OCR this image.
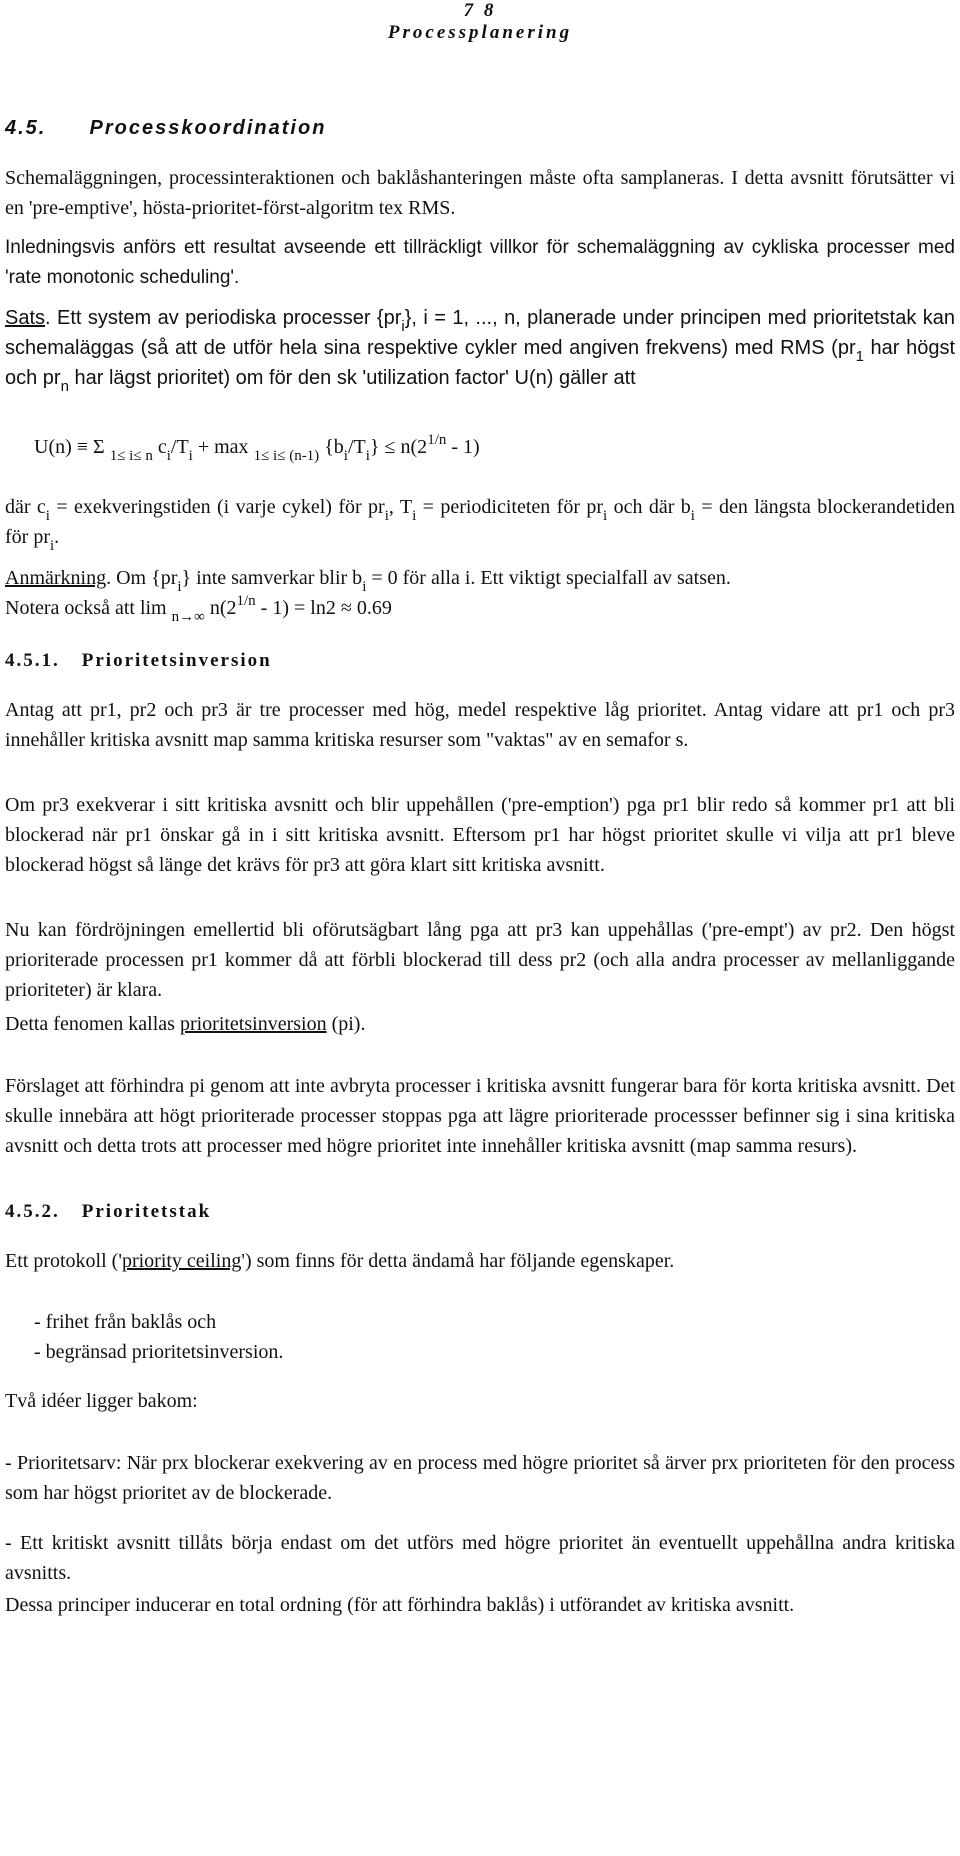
7 8
Processplanering
4.5. Processkoordination
Schemaläggningen, processinteraktionen och baklåshanteringen måste ofta samplaneras. I detta avsnitt förutsätter vi en 'pre-emptive', hösta-prioritet-först-algoritm tex RMS.
Inledningsvis anförs ett resultat avseende ett tillräckligt villkor för schemaläggning av cykliska processer med 'rate monotonic scheduling'.
Sats. Ett system av periodiska processer $\{pr_i\}$, i = 1, ..., n, planerade under principen med prioritetstak kan schemaläggas (så att de utför hela sina respektive cykler med angiven frekvens) med RMS ($pr_1$ har högst och $pr_n$ har lägst prioritet) om för den sk 'utilization factor' U(n) gäller att
U(n) ≡ Σ $_{1\le i\le n}$ $c_i/T_i + \max _{1\le i\le (n-1)}$ $\{b_i/T_i\} \le n(2^{1/n} - 1)$
där $c_i$ = exekveringstiden (i varje cykel) för $pr_i$, $T_i$ = periodiciteten för $pr_i$ och där $b_i$ = den längsta blockerandetiden för $pr_i$.
Anmärkning. Om $\{pr_i\}$ inte samverkar blir $b_i = 0$ för alla i. Ett viktigt specialfall av satsen.
Notera också att lim $_{n\to\infty}$ $n(2^{1/n} - 1) = \ln 2 \approx 0.69$
4.5.1. Prioritetsinversion
Antag att pr1, pr2 och pr3 är tre processer med hög, medel respektive låg prioritet. Antag vidare att pr1 och pr3 innehåller kritiska avsnitt map samma kritiska resurser som "vaktas" av en semafor s.
Om pr3 exekverar i sitt kritiska avsnitt och blir uppehållen ('pre-emption') pga pr1 blir redo så kommer pr1 att bli blockerad när pr1 önskar gå in i sitt kritiska avsnitt. Eftersom pr1 har högst prioritet skulle vi vilja att pr1 bleve blockerad högst så länge det krävs för pr3 att göra klart sitt kritiska avsnitt.
Nu kan fördröjningen emellertid bli oförutsägbart lång pga att pr3 kan uppehållas ('pre-empt') av pr2. Den högst prioriterade processen pr1 kommer då att förbli blockerad till dess pr2 (och alla andra processer av mellanliggande prioriteter) är klara.
Detta fenomen kallas prioritetsinversion (pi).
Förslaget att förhindra pi genom att inte avbryta processer i kritiska avsnitt fungerar bara för korta kritiska avsnitt. Det skulle innebära att högt prioriterade processer stoppas pga att lägre prioriterade processser befinner sig i sina kritiska avsnitt och detta trots att processer med högre prioritet inte innehåller kritiska avsnitt (map samma resurs).
4.5.2. Prioritetstak
Ett protokoll ('priority ceiling') som finns för detta ändamå har följande egenskaper.
- frihet från baklås och
- begränsad prioritetsinversion.
Två idéer ligger bakom:
- Prioritetsarv: När prx blockerar exekvering av en process med högre prioritet så ärver prx prioriteten för den process som har högst prioritet av de blockerade.
- Ett kritiskt avsnitt tillåts börja endast om det utförs med högre prioritet än eventuellt uppehållna andra kritiska avsnitts.
Dessa principer inducerar en total ordning (för att förhindra baklås) i utförandet av kritiska avsnitt.
